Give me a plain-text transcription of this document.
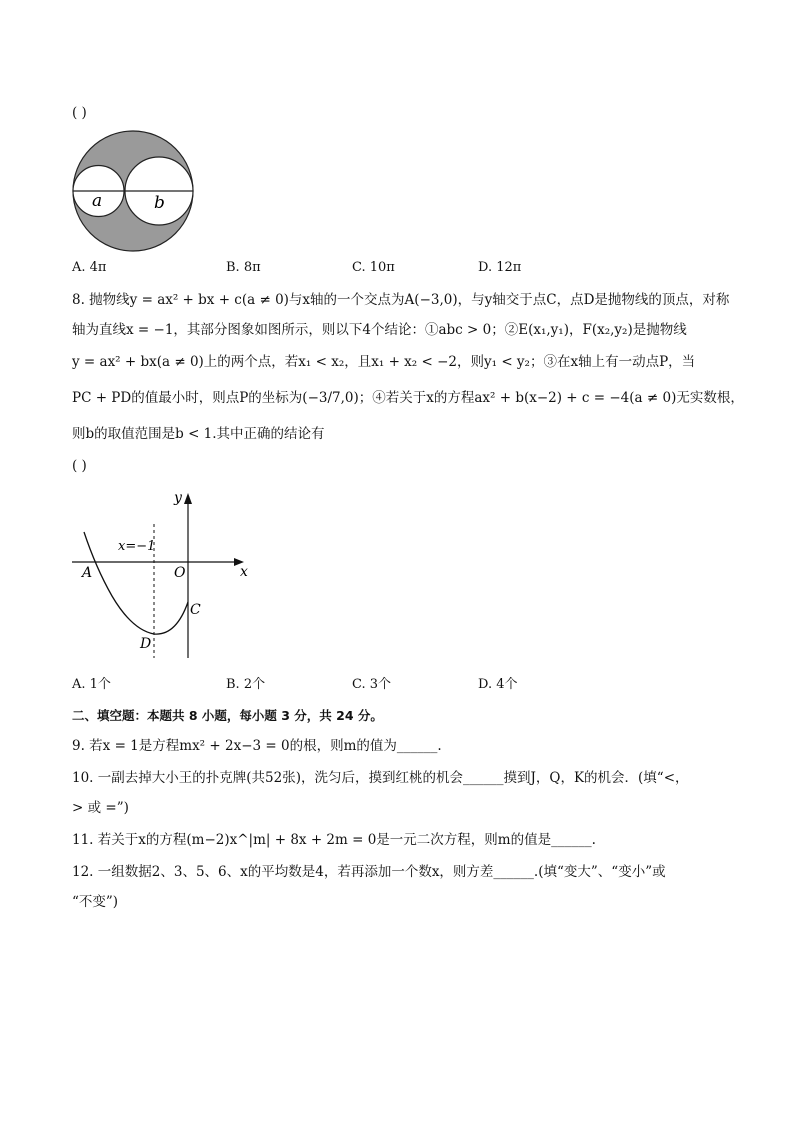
( )
a	b
A. 4π	B. 8π	C. 10π	D. 12π
8. 抛物线y = ax² + bx + c(a ≠ 0)与x轴的一个交点为A(−3,0)，与y轴交于点C，点D是抛物线的顶点，对称
轴为直线x = −1，其部分图象如图所示，则以下4个结论：①abc > 0；②E(x₁,y₁)，F(x₂,y₂)是抛物线
y = ax² + bx(a ≠ 0)上的两个点，若x₁ < x₂，且x₁ + x₂ < −2，则y₁ < y₂；③在x轴上有一动点P，当
PC + PD的值最小时，则点P的坐标为(−3/7,0)；④若关于x的方程ax² + b(x−2) + c = −4(a ≠ 0)无实数根，
则b的取值范围是b < 1.其中正确的结论有
( )
y
x
x=−1
A	O
C
D
A. 1个	B. 2个	C. 3个	D. 4个
二、填空题：本题共 8 小题，每小题 3 分，共 24 分。
9. 若x = 1是方程mx² + 2x−3 = 0的根，则m的值为______.
10. 一副去掉大小王的扑克牌(共52张)，洗匀后，摸到红桃的机会______摸到J，Q，K的机会．(填“<，
> 或 =”)
11. 若关于x的方程(m−2)x^|m| + 8x + 2m = 0是一元二次方程，则m的值是______.
12. 一组数据2、3、5、6、x的平均数是4，若再添加一个数x，则方差______.(填“变大”、“变小”或
“不变”)
